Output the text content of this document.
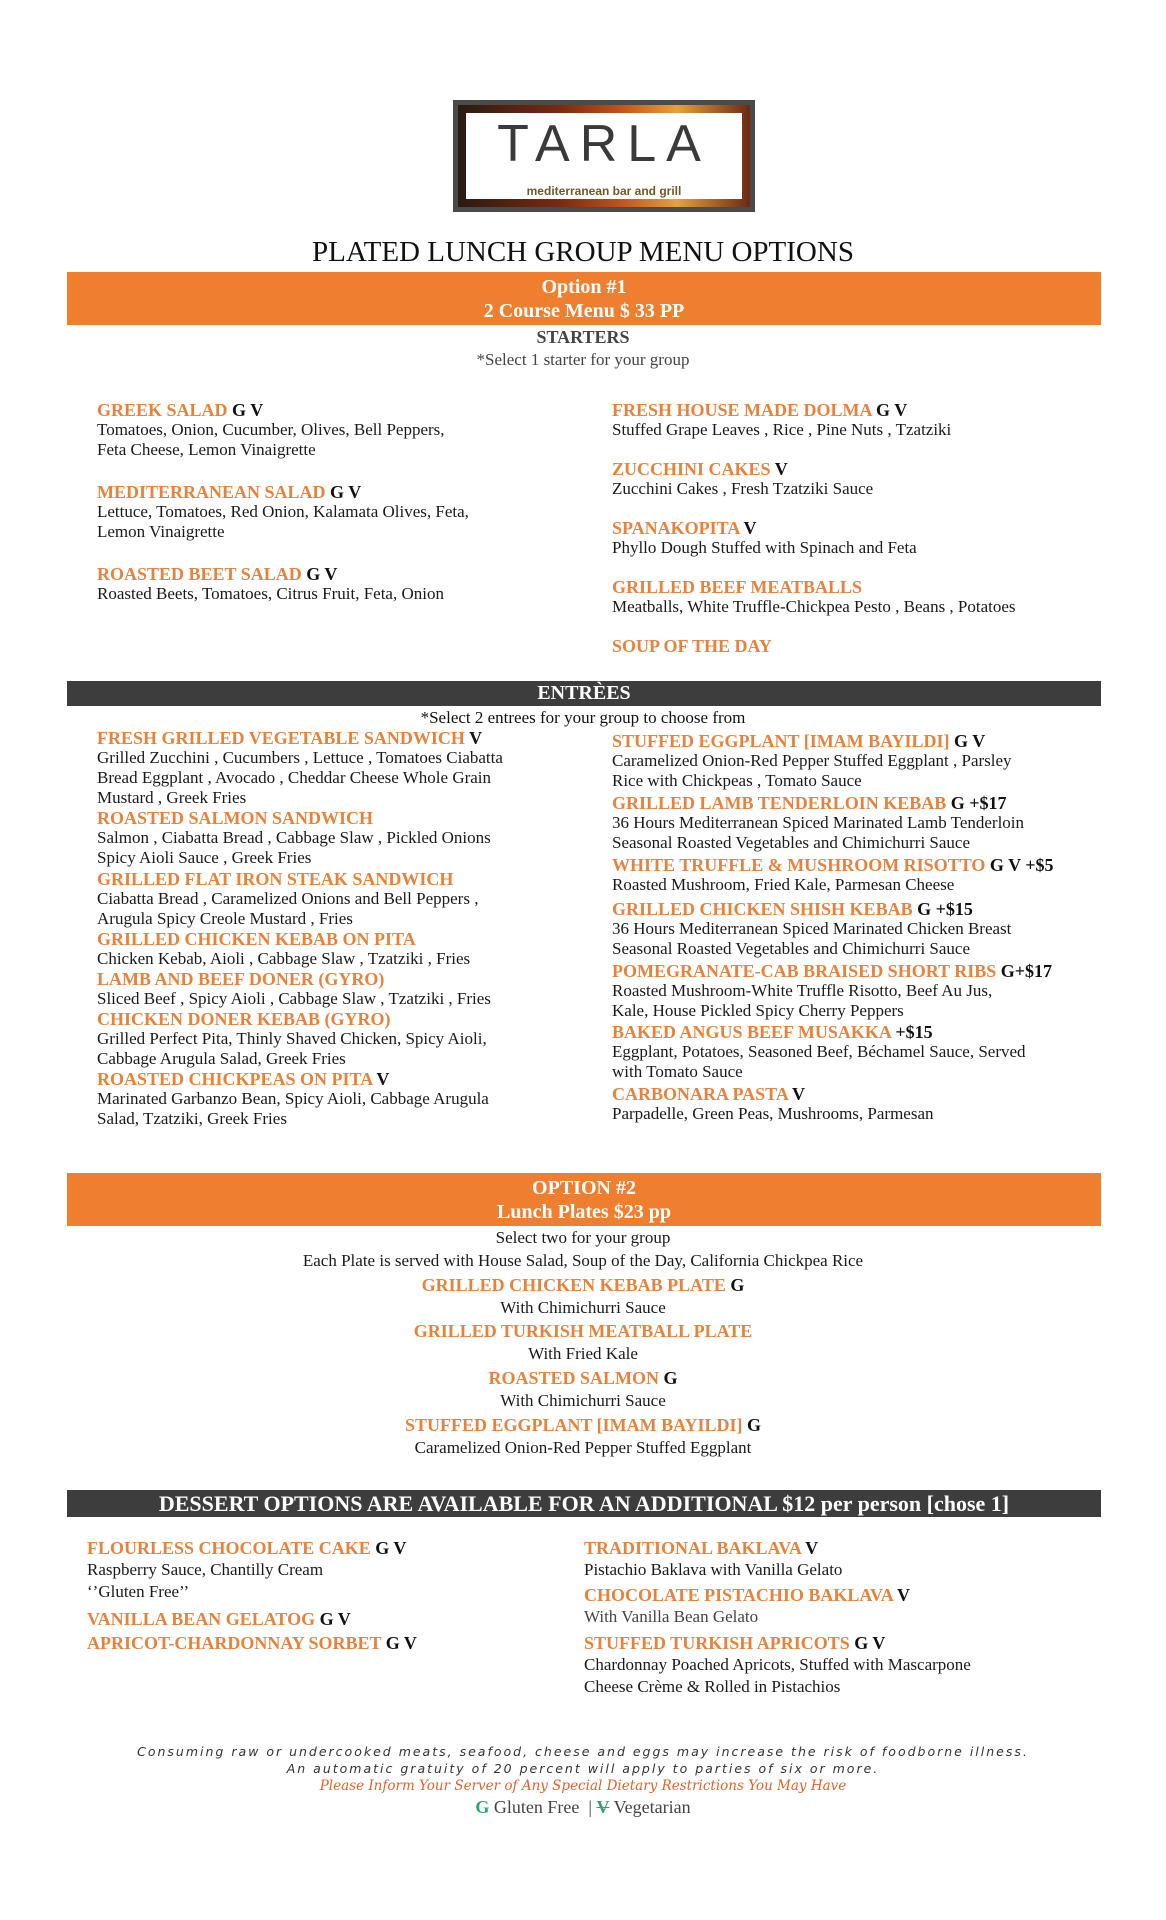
TARLA
mediterranean bar and grill
PLATED LUNCH GROUP MENU OPTIONS
Option #1
2 Course Menu $ 33 PP
STARTERS
*Select 1 starter for your group
GREEK SALAD G V
Tomatoes, Onion, Cucumber, Olives, Bell Peppers,
Feta Cheese, Lemon Vinaigrette
MEDITERRANEAN SALAD G V
Lettuce, Tomatoes, Red Onion, Kalamata Olives, Feta,
Lemon Vinaigrette
ROASTED BEET SALAD G V
Roasted Beets, Tomatoes, Citrus Fruit, Feta, Onion
FRESH HOUSE MADE DOLMA G V
Stuffed Grape Leaves , Rice , Pine Nuts , Tzatziki
ZUCCHINI CAKES V
Zucchini Cakes , Fresh Tzatziki Sauce
SPANAKOPITA V
Phyllo Dough Stuffed with Spinach and Feta
GRILLED BEEF MEATBALLS
Meatballs, White Truffle-Chickpea Pesto , Beans , Potatoes
SOUP OF THE DAY
ENTRÈES
*Select 2 entrees for your group to choose from
FRESH GRILLED VEGETABLE SANDWICH V
Grilled Zucchini , Cucumbers , Lettuce , Tomatoes Ciabatta
Bread Eggplant , Avocado , Cheddar Cheese Whole Grain
Mustard , Greek Fries
ROASTED SALMON SANDWICH
Salmon , Ciabatta Bread , Cabbage Slaw , Pickled Onions
Spicy Aioli Sauce , Greek Fries
GRILLED FLAT IRON STEAK SANDWICH
Ciabatta Bread , Caramelized Onions and Bell Peppers ,
Arugula Spicy Creole Mustard , Fries
GRILLED CHICKEN KEBAB ON PITA
Chicken Kebab, Aioli , Cabbage Slaw , Tzatziki , Fries
LAMB AND BEEF DONER (GYRO)
Sliced Beef , Spicy Aioli , Cabbage Slaw , Tzatziki , Fries
CHICKEN DONER KEBAB (GYRO)
Grilled Perfect Pita, Thinly Shaved Chicken, Spicy Aioli,
Cabbage Arugula Salad, Greek Fries
ROASTED CHICKPEAS ON PITA V
Marinated Garbanzo Bean, Spicy Aioli, Cabbage Arugula
Salad, Tzatziki, Greek Fries
STUFFED EGGPLANT [IMAM BAYILDI] G V
Caramelized Onion-Red Pepper Stuffed Eggplant , Parsley
Rice with Chickpeas , Tomato Sauce
GRILLED LAMB TENDERLOIN KEBAB G +$17
36 Hours Mediterranean Spiced Marinated Lamb Tenderloin
Seasonal Roasted Vegetables and Chimichurri Sauce
WHITE TRUFFLE & MUSHROOM RISOTTO G V +$5
Roasted Mushroom, Fried Kale, Parmesan Cheese
GRILLED CHICKEN SHISH KEBAB G +$15
36 Hours Mediterranean Spiced Marinated Chicken Breast
Seasonal Roasted Vegetables and Chimichurri Sauce
POMEGRANATE-CAB BRAISED SHORT RIBS G+$17
Roasted Mushroom-White Truffle Risotto, Beef Au Jus,
Kale, House Pickled Spicy Cherry Peppers
BAKED ANGUS BEEF MUSAKKA +$15
Eggplant, Potatoes, Seasoned Beef, Béchamel Sauce, Served
with Tomato Sauce
CARBONARA PASTA V
Parpadelle, Green Peas, Mushrooms, Parmesan
OPTION #2
Lunch Plates $23 pp
Select two for your group
Each Plate is served with House Salad, Soup of the Day, California Chickpea Rice
GRILLED CHICKEN KEBAB PLATE G
With Chimichurri Sauce
GRILLED TURKISH MEATBALL PLATE
With Fried Kale
ROASTED SALMON G
With Chimichurri Sauce
STUFFED EGGPLANT [IMAM BAYILDI] G
Caramelized Onion-Red Pepper Stuffed Eggplant
DESSERT OPTIONS ARE AVAILABLE FOR AN ADDITIONAL $12 per person [chose 1]
FLOURLESS CHOCOLATE CAKE G V
Raspberry Sauce, Chantilly Cream
‘’Gluten Free’’
VANILLA BEAN GELATOG G V
APRICOT-CHARDONNAY SORBET G V
TRADITIONAL BAKLAVA V
Pistachio Baklava with Vanilla Gelato
CHOCOLATE PISTACHIO BAKLAVA V
With Vanilla Bean Gelato
STUFFED TURKISH APRICOTS G V
Chardonnay Poached Apricots, Stuffed with Mascarpone
Cheese Crème & Rolled in Pistachios
Consuming raw or undercooked meats, seafood, cheese and eggs may increase the risk of foodborne illness.
An automatic gratuity of 20 percent will apply to parties of six or more.
Please Inform Your Server of Any Special Dietary Restrictions You May Have
G Gluten Free | V Vegetarian
